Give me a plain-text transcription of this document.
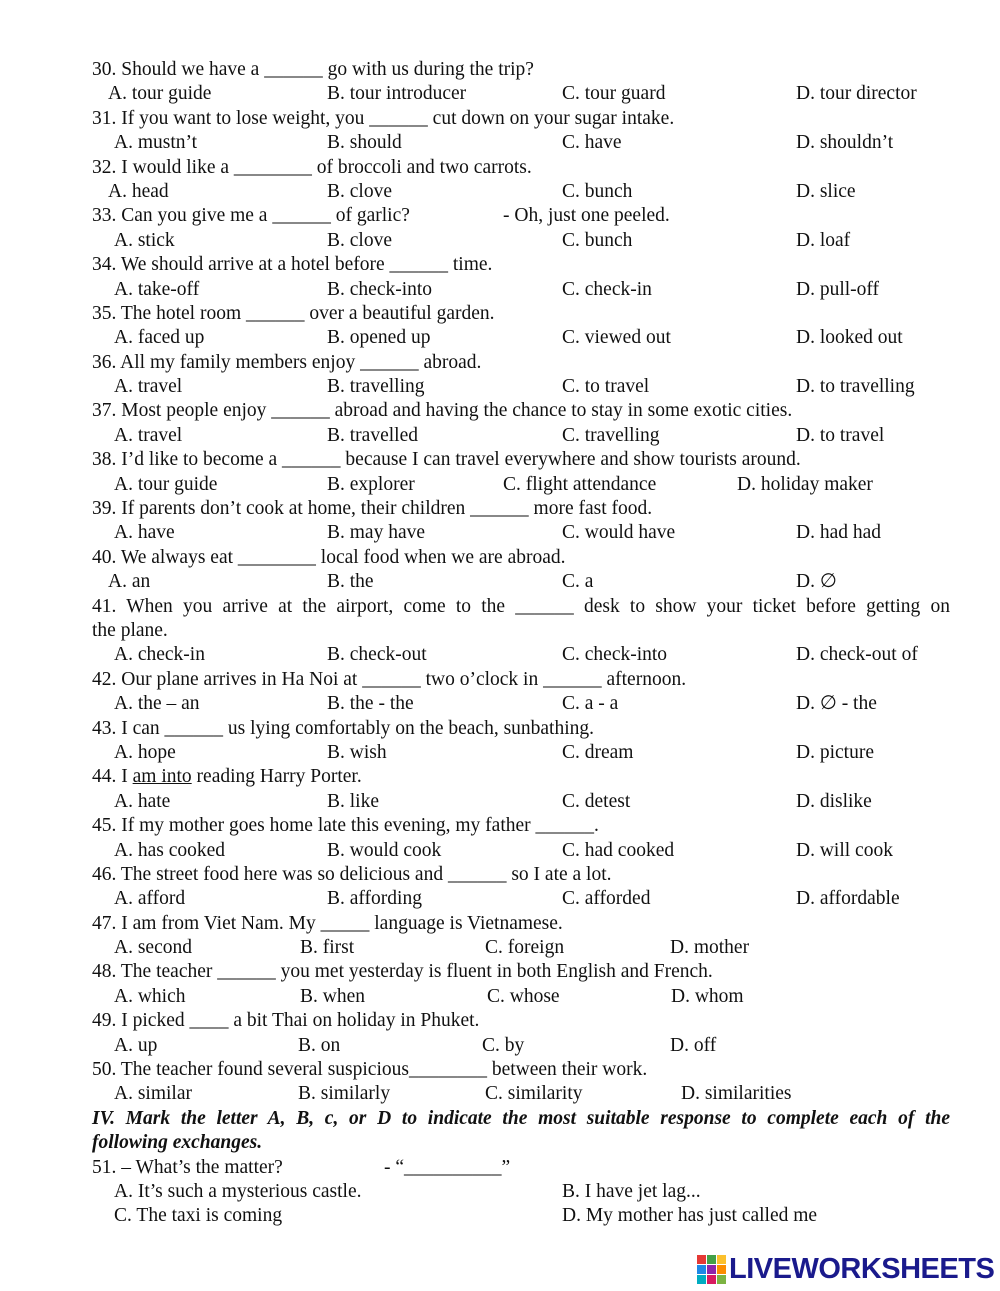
30. Should we have a ______ go with us during the trip?
A. tour guide	B. tour introducer	C. tour guard	D. tour director
31. If you want to lose weight, you ______ cut down on your sugar intake.
A. mustn’t	B. should	C. have	D. shouldn’t
32. I would like a ________ of broccoli and two carrots.
A. head	B. clove	C. bunch	D. slice
33. Can you give me a ______ of garlic?	- Oh, just one peeled.
A. stick	B. clove	C. bunch	D. loaf
34. We should arrive at a hotel before ______ time.
A. take-off	B. check-into	C. check-in	D. pull-off
35. The hotel room ______ over a beautiful garden.
A. faced up	B. opened up	C. viewed out	D. looked out
36. All my family members enjoy ______ abroad.
A. travel	B. travelling	C. to travel	D. to travelling
37. Most people enjoy ______ abroad and having the chance to stay in some exotic cities.
A. travel	B. travelled	C. travelling	D. to travel
38. I’d like to become a ______ because I can travel everywhere and show tourists around.
A. tour guide	B. explorer	C. flight attendance	D. holiday maker
39. If parents don’t cook at home, their children ______ more fast food.
A. have	B. may have	C. would have	D. had had
40. We always eat ________ local food when we are abroad.
A. an	B. the	C. a	D. ∅
41. When you arrive at the airport, come to the ______ desk to show your ticket before getting on
the plane.
A. check-in	B. check-out	C. check-into	D. check-out of
42. Our plane arrives in Ha Noi at ______ two o’clock in ______ afternoon.
A. the – an	B. the - the	C. a - a	D. ∅ - the
43. I can ______ us lying comfortably on the beach, sunbathing.
A. hope	B. wish	C. dream	D. picture
44. I am into reading Harry Porter.
A. hate	B. like	C. detest	D. dislike
45. If my mother goes home late this evening, my father ______.
A. has cooked	B. would cook	C. had cooked	D. will cook
46. The street food here was so delicious and ______ so I ate a lot.
A. afford	B. affording	C. afforded	D. affordable
47. I am from Viet Nam. My _____ language is Vietnamese.
A. second	B. first	C. foreign	D. mother
48. The teacher ______ you met yesterday is fluent in both English and French.
A. which	B. when	C. whose	D. whom
49. I picked ____ a bit Thai on holiday in Phuket.
A. up	B. on	C. by	D. off
50. The teacher found several suspicious________ between their work.
A. similar	B. similarly	C. similarity	D. similarities
IV. Mark the letter A, B, c, or D to indicate the most suitable response to complete each of the
following exchanges.
51. – What’s the matter?	- “__________”
A. It’s such a mysterious castle.	B. I have jet lag...
C. The taxi is coming	D. My mother has just called me
LIVEWORKSHEETS
